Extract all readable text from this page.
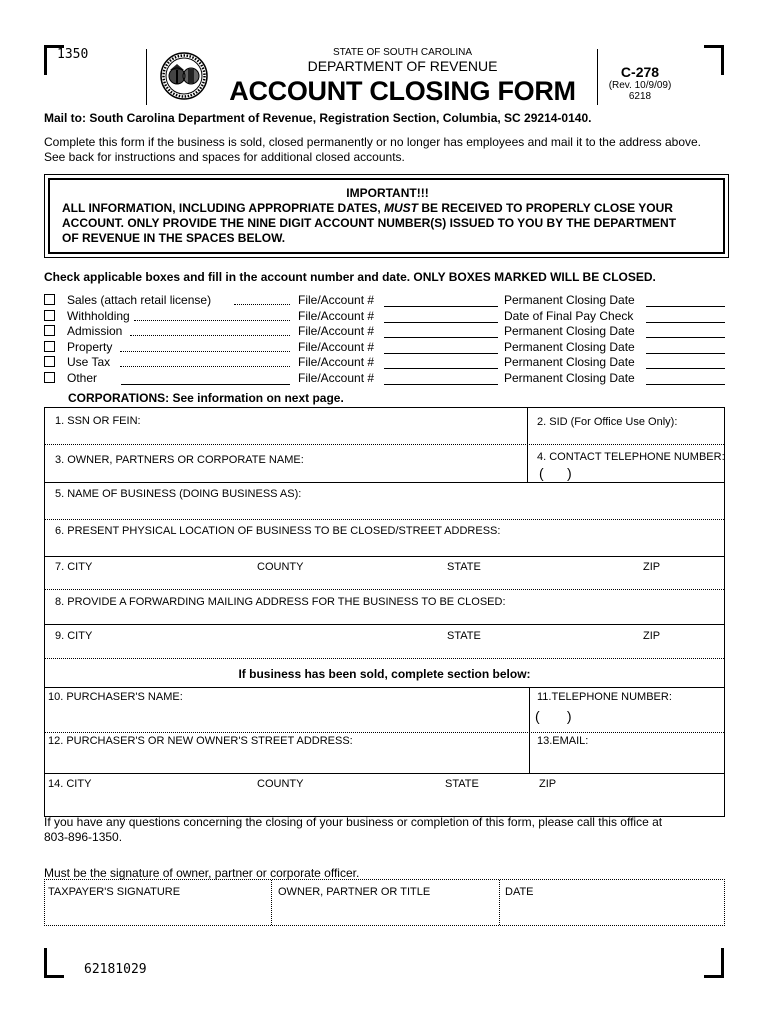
1350
62181029
STATE OF SOUTH CAROLINA
DEPARTMENT OF REVENUE
ACCOUNT CLOSING FORM
C-278
(Rev. 10/9/09)
6218
Mail to: South Carolina Department of Revenue, Registration Section, Columbia, SC 29214-0140.
Complete this form if the business is sold, closed permanently or no longer has employees and mail it to the address above.
See back for instructions and spaces for additional closed accounts.
IMPORTANT!!!
ALL INFORMATION, INCLUDING APPROPRIATE DATES, MUST BE RECEIVED TO PROPERLY CLOSE YOUR
ACCOUNT. ONLY PROVIDE THE NINE DIGIT ACCOUNT NUMBER(S) ISSUED TO YOU BY THE DEPARTMENT
OF REVENUE IN THE SPACES BELOW.
Check applicable boxes and fill in the account number and date. ONLY BOXES MARKED WILL BE CLOSED.
Sales (attach retail license)	File/Account #	Permanent Closing Date
Withholding	File/Account #	Date of Final Pay Check
Admission	File/Account #	Permanent Closing Date
Property	File/Account #	Permanent Closing Date
Use Tax	File/Account #	Permanent Closing Date
Other	File/Account #	Permanent Closing Date
CORPORATIONS: See information on next page.
1. SSN OR FEIN:	2. SID (For Office Use Only):
3. OWNER, PARTNERS OR CORPORATE NAME:	4. CONTACT TELEPHONE NUMBER:
(      )
5. NAME OF BUSINESS (DOING BUSINESS AS):
6. PRESENT PHYSICAL LOCATION OF BUSINESS TO BE CLOSED/STREET ADDRESS:
7. CITY	COUNTY	STATE	ZIP
8. PROVIDE A FORWARDING MAILING ADDRESS FOR THE BUSINESS TO BE CLOSED:
9. CITY	STATE	ZIP
If business has been sold, complete section below:
10. PURCHASER'S NAME:	11.TELEPHONE NUMBER:
(       )
12. PURCHASER'S OR NEW OWNER'S STREET ADDRESS:	13.EMAIL:
14. CITY	COUNTY	STATE	ZIP
If you have any questions concerning the closing of your business or completion of this form, please call this office at
803-896-1350.
Must be the signature of owner, partner or corporate officer.
TAXPAYER'S SIGNATURE	OWNER, PARTNER OR TITLE	DATE
